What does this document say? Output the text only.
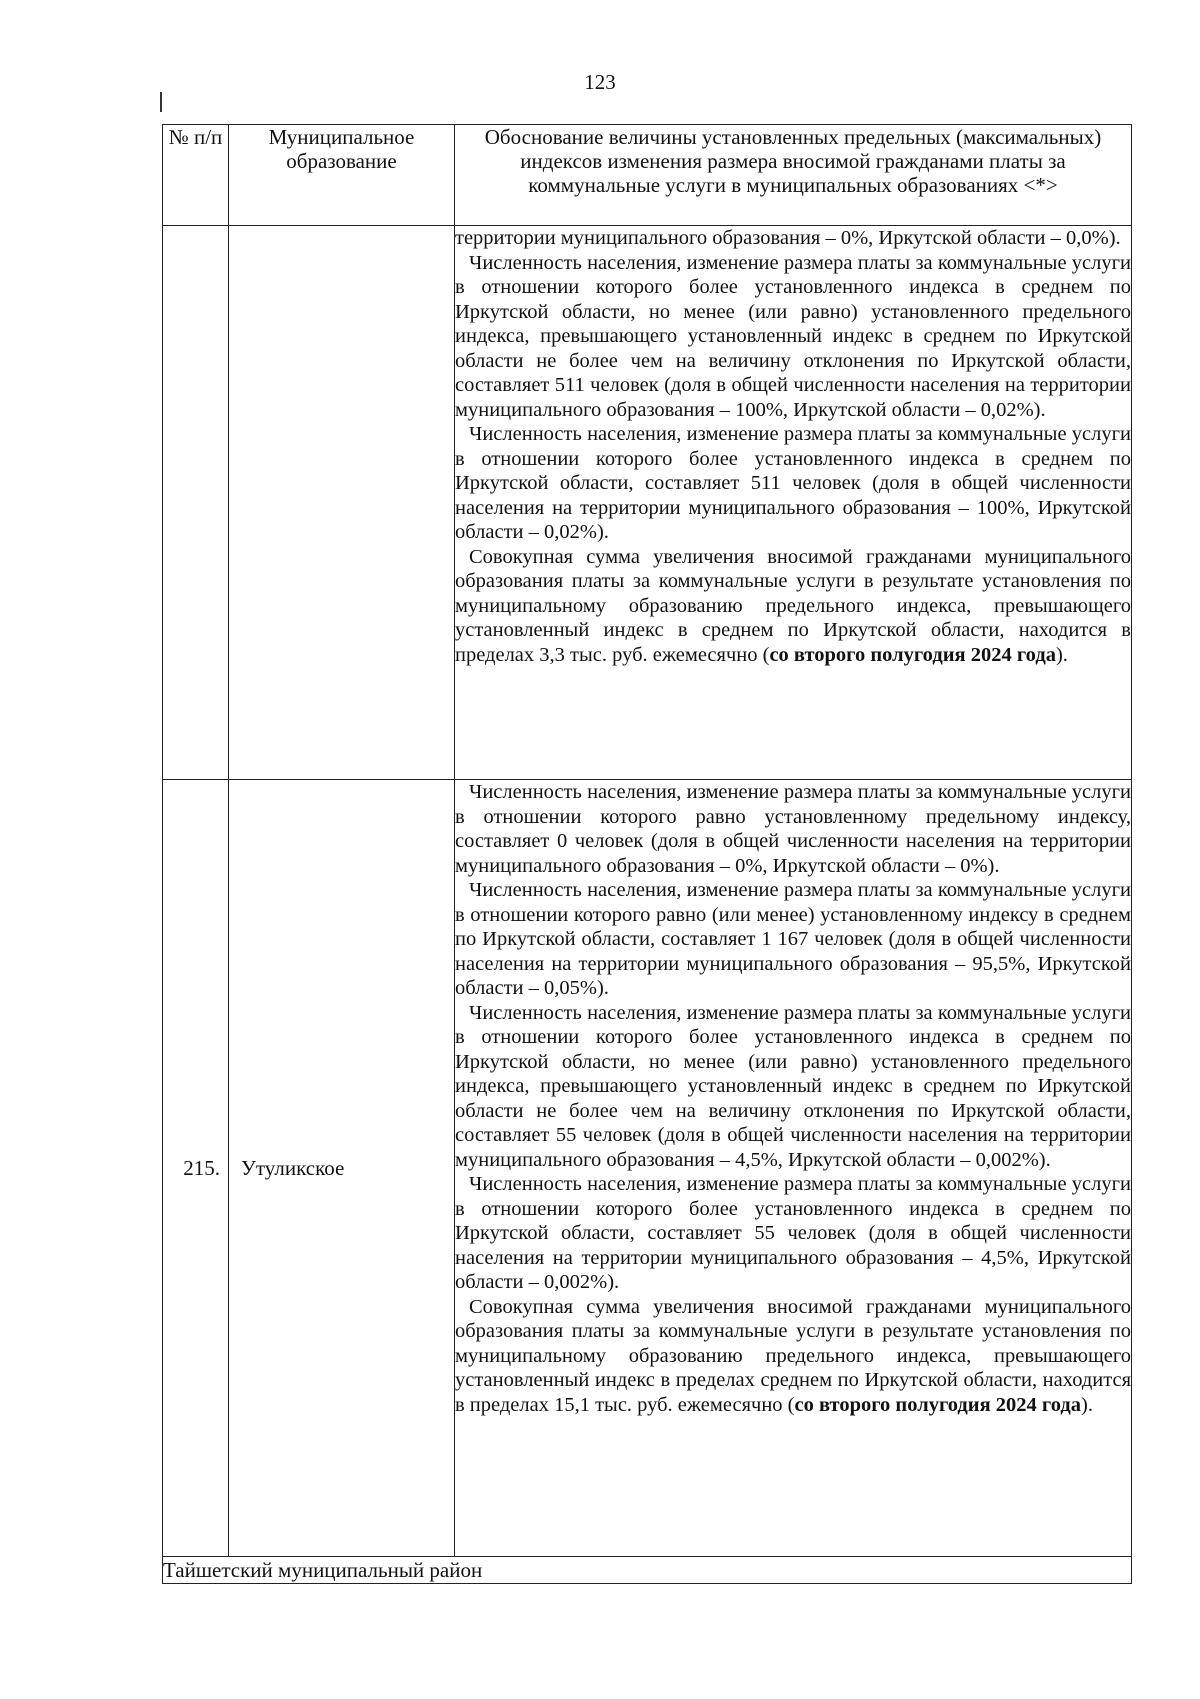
123
№ п/п	Муниципальное образование	Обоснование величины установленных предельных (максимальных) индексов изменения размера вносимой гражданами платы за коммунальные услуги в муниципальных образованиях <*>

		территории муниципального образования – 0%, Иркутской области – 0,0%).

Численность населения, изменение размера платы за коммунальные услуги в отношении которого более установленного индекса в среднем по Иркутской области, но менее (или равно) установленного предельного индекса, превышающего установленный индекс в среднем по Иркутской области не более чем на величину отклонения по Иркутской области, составляет 511 человек (доля в общей численности населения на территории муниципального образования – 100%, Иркутской области – 0,02%).

Численность населения, изменение размера платы за коммунальные услуги в отношении которого более установленного индекса в среднем по Иркутской области, составляет 511 человек (доля в общей численности населения на территории муниципального образования – 100%, Иркутской области – 0,02%).

Совокупная сумма увеличения вносимой гражданами муниципального образования платы за коммунальные услуги в результате установления по муниципальному образованию предельного индекса, превышающего установленный индекс в среднем по Иркутской области, находится в пределах 3,3 тыс. руб. ежемесячно (со второго полугодия 2024 года).

215.	Утуликское	Численность населения, изменение размера платы за коммунальные услуги в отношении которого равно установленному предельному индексу, составляет 0 человек (доля в общей численности населения на территории муниципального образования – 0%, Иркутской области – 0%).

Численность населения, изменение размера платы за коммунальные услуги в отношении которого равно (или менее) установленному индексу в среднем по Иркутской области, составляет 1 167 человек (доля в общей численности населения на территории муниципального образования – 95,5%, Иркутской области – 0,05%).

Численность населения, изменение размера платы за коммунальные услуги в отношении которого более установленного индекса в среднем по Иркутской области, но менее (или равно) установленного предельного индекса, превышающего установленный индекс в среднем по Иркутской области не более чем на величину отклонения по Иркутской области, составляет 55 человек (доля в общей численности населения на территории муниципального образования – 4,5%, Иркутской области – 0,002%).

Численность населения, изменение размера платы за коммунальные услуги в отношении которого более установленного индекса в среднем по Иркутской области, составляет 55 человек (доля в общей численности населения на территории муниципального образования – 4,5%, Иркутской области – 0,002%).

Совокупная сумма увеличения вносимой гражданами муниципального образования платы за коммунальные услуги в результате установления по муниципальному образованию предельного индекса, превышающего установленный индекс в пределах среднем по Иркутской области, находится в пределах 15,1 тыс. руб. ежемесячно (со второго полугодия 2024 года).

Тайшетский муниципальный район		
